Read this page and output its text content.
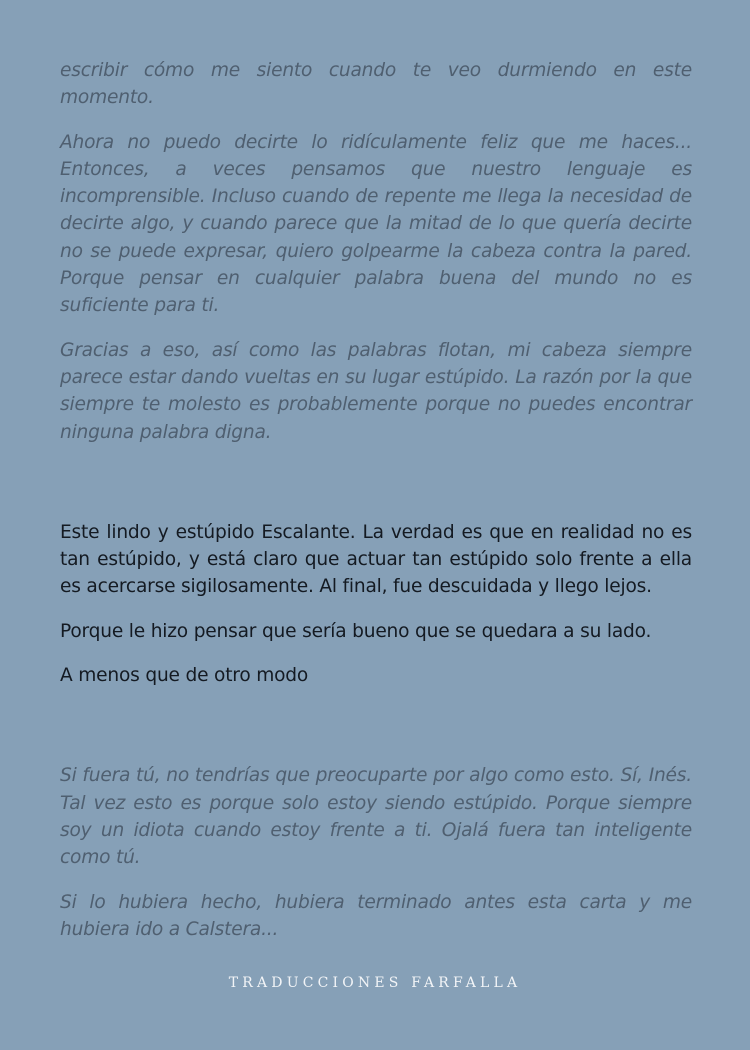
escribir cómo me siento cuando te veo durmiendo en este momento.

Ahora no puedo decirte lo ridículamente feliz que me haces... Entonces, a veces pensamos que nuestro lenguaje es incomprensible. Incluso cuando de repente me llega la necesidad de decirte algo, y cuando parece que la mitad de lo que quería decirte no se puede expresar, quiero golpearme la cabeza contra la pared. Porque pensar en cualquier palabra buena del mundo no es suficiente para ti.

Gracias a eso, así como las palabras flotan, mi cabeza siempre parece estar dando vueltas en su lugar estúpido. La razón por la que siempre te molesto es probablemente porque no puedes encontrar ninguna palabra digna.

Este lindo y estúpido Escalante. La verdad es que en realidad no es tan estúpido, y está claro que actuar tan estúpido solo frente a ella es acercarse sigilosamente. Al final, fue descuidada y llego lejos.

Porque le hizo pensar que sería bueno que se quedara a su lado.

A menos que de otro modo

Si fuera tú, no tendrías que preocuparte por algo como esto. Sí, Inés. Tal vez esto es porque solo estoy siendo estúpido. Porque siempre soy un idiota cuando estoy frente a ti. Ojalá fuera tan inteligente como tú.

Si lo hubiera hecho, hubiera terminado antes esta carta y me hubiera ido a Calstera...

TRADUCCIONES FARFALLA
